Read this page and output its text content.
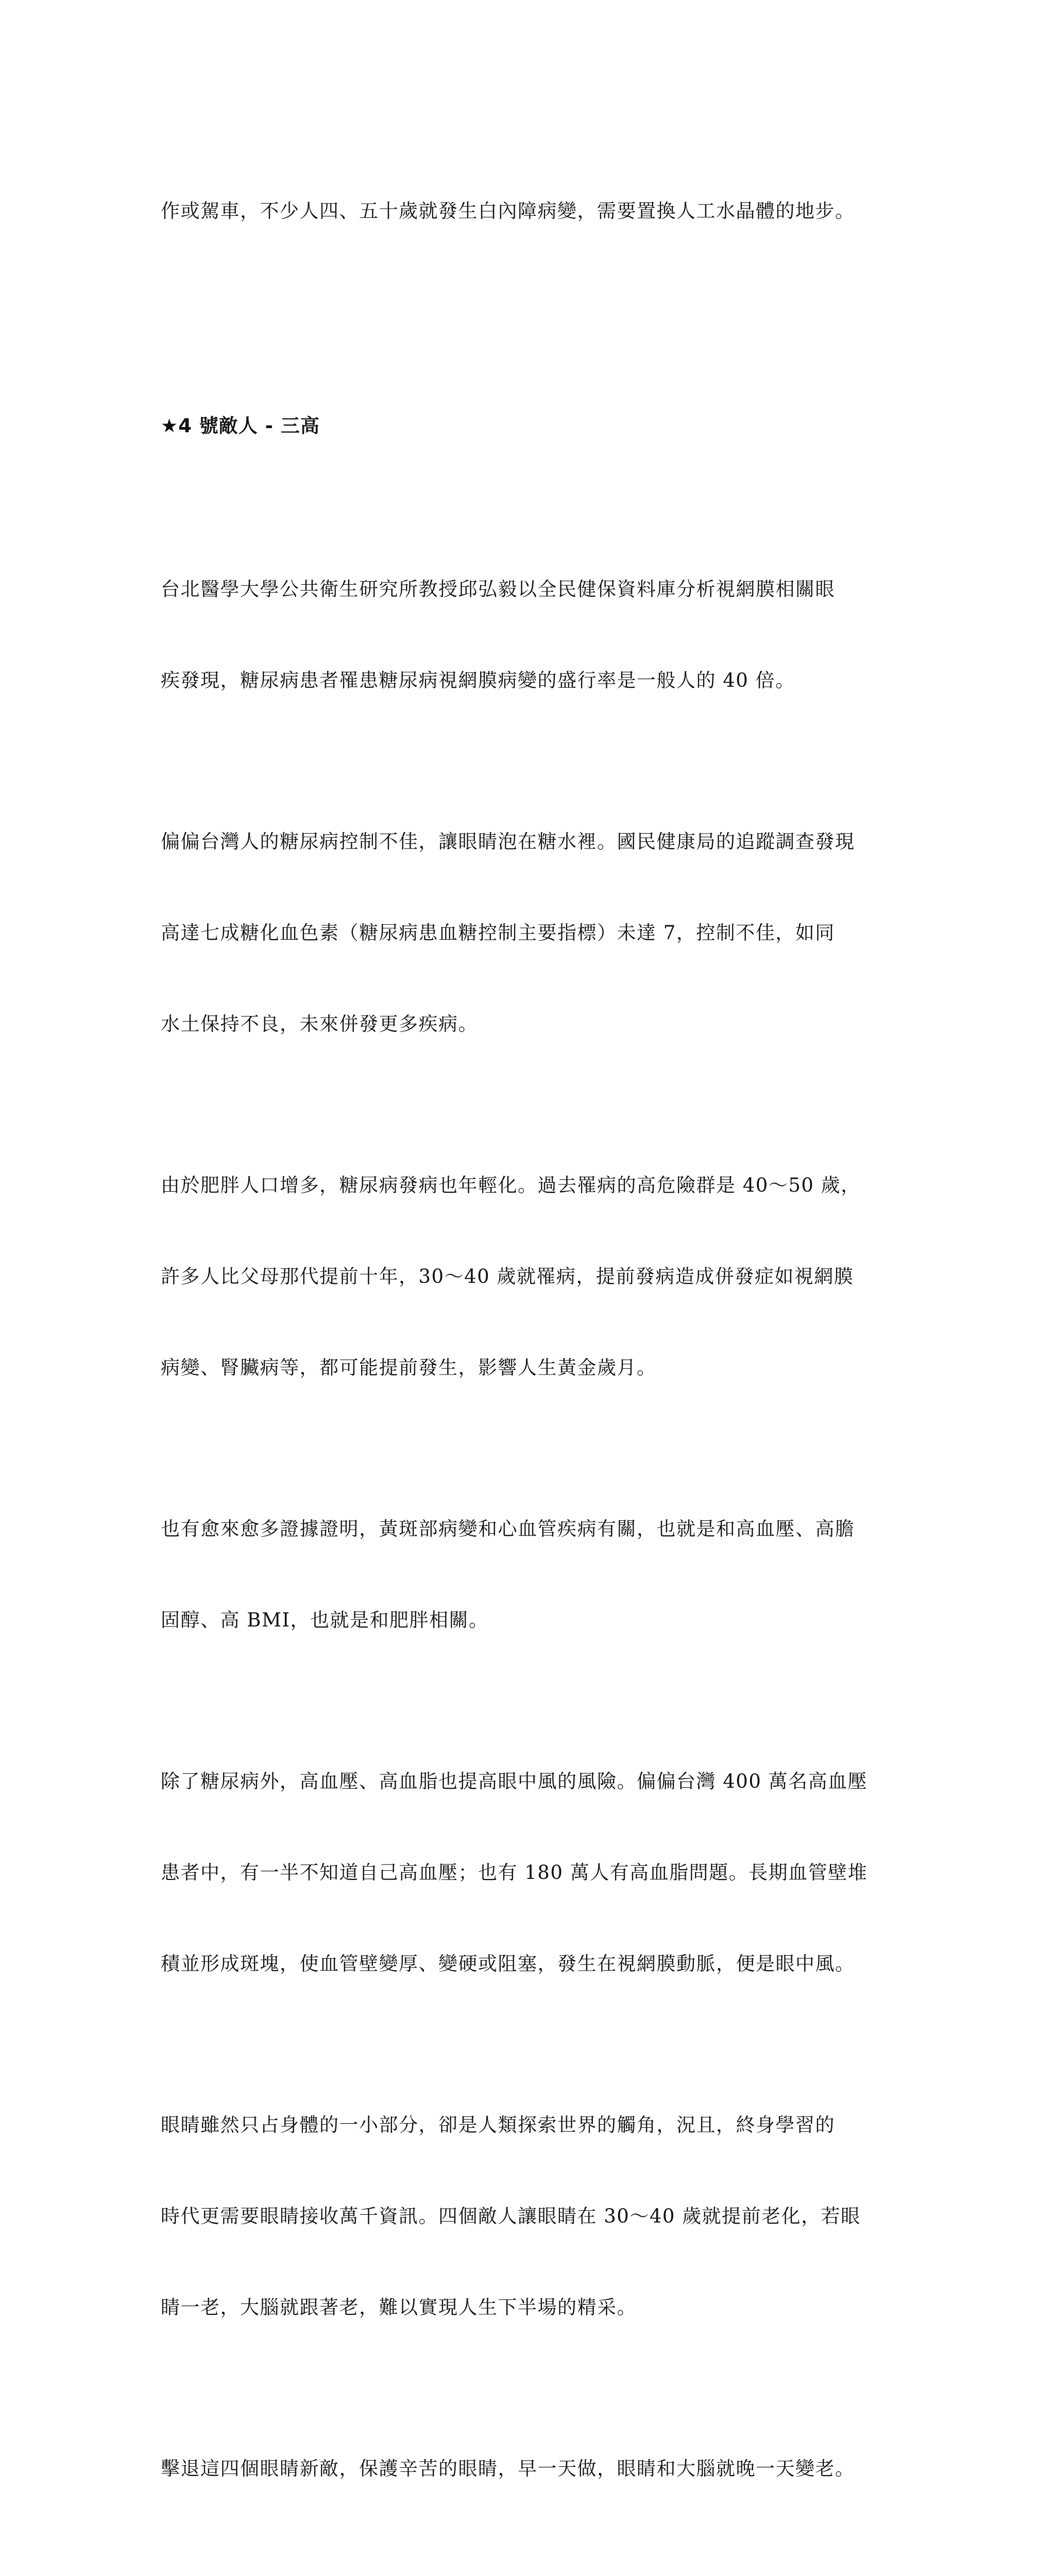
作或駕車，不少人四、五十歲就發生白內障病變，需要置換人工水晶體的地步。

★4 號敵人 - 三高

台北醫學大學公共衛生研究所教授邱弘毅以全民健保資料庫分析視網膜相關眼

疾發現，糖尿病患者罹患糖尿病視網膜病變的盛行率是一般人的 40 倍。

偏偏台灣人的糖尿病控制不佳，讓眼睛泡在糖水裡。國民健康局的追蹤調查發現

高達七成糖化血色素（糖尿病患血糖控制主要指標）未達 7，控制不佳，如同

水土保持不良，未來併發更多疾病。

由於肥胖人口增多，糖尿病發病也年輕化。過去罹病的高危險群是 40～50 歲，

許多人比父母那代提前十年，30～40 歲就罹病，提前發病造成併發症如視網膜

病變、腎臟病等，都可能提前發生，影響人生黃金歲月。

也有愈來愈多證據證明，黃斑部病變和心血管疾病有關，也就是和高血壓、高膽

固醇、高 BMI，也就是和肥胖相關。

除了糖尿病外，高血壓、高血脂也提高眼中風的風險。偏偏台灣 400 萬名高血壓

患者中，有一半不知道自己高血壓；也有 180 萬人有高血脂問題。長期血管壁堆

積並形成斑塊，使血管壁變厚、變硬或阻塞，發生在視網膜動脈，便是眼中風。

眼睛雖然只占身體的一小部分，卻是人類探索世界的觸角，況且，終身學習的

時代更需要眼睛接收萬千資訊。四個敵人讓眼睛在 30～40 歲就提前老化，若眼

睛一老，大腦就跟著老，難以實現人生下半場的精采。

擊退這四個眼睛新敵，保護辛苦的眼睛，早一天做，眼睛和大腦就晚一天變老。
